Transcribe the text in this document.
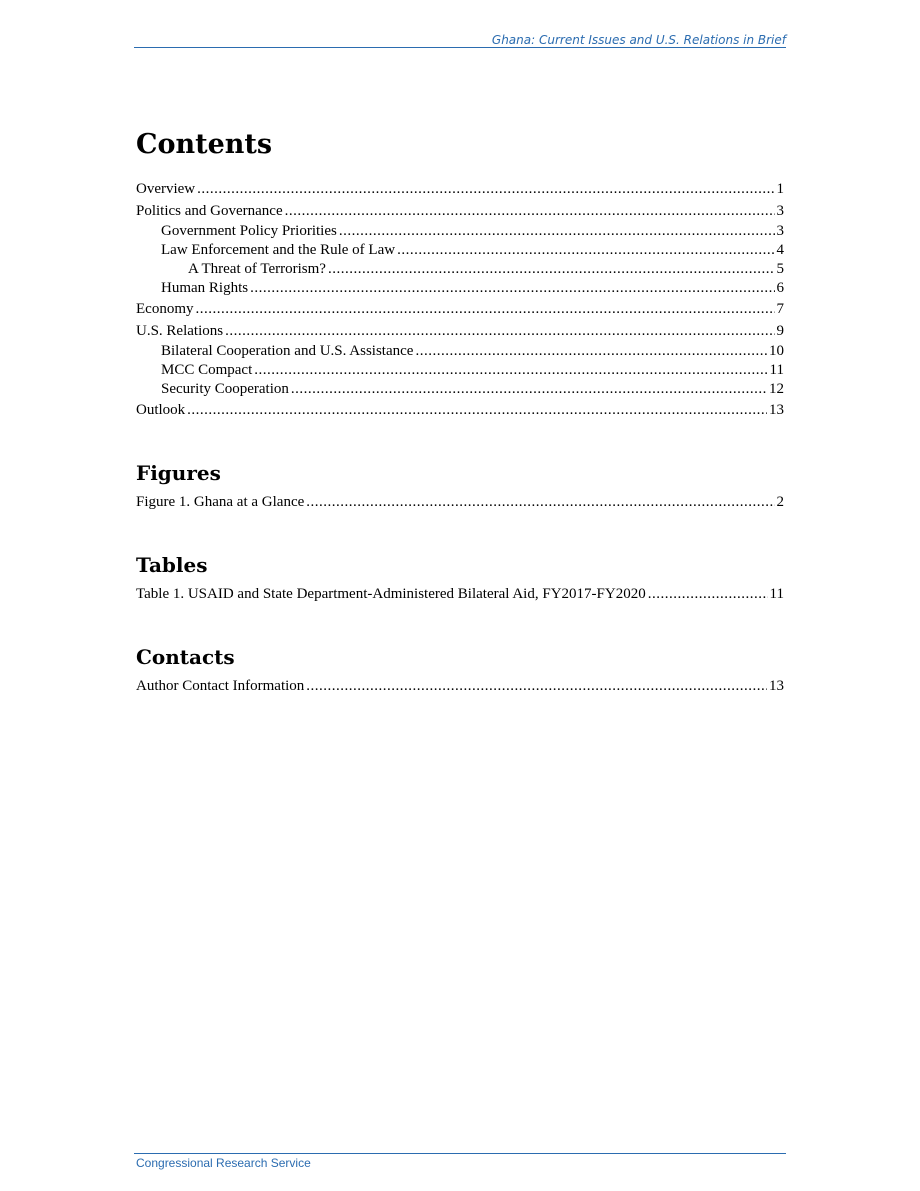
Ghana: Current Issues and U.S. Relations in Brief
Contents
Overview .....	1
Politics and Governance .....	3
Government Policy Priorities .....	3
Law Enforcement and the Rule of Law .....	4
A Threat of Terrorism? .....	5
Human Rights .....	6
Economy .....	7
U.S. Relations .....	9
Bilateral Cooperation and U.S. Assistance .....	10
MCC Compact .....	11
Security Cooperation .....	12
Outlook .....	13
Figures
Figure 1. Ghana at a Glance .....	2
Tables
Table 1. USAID and State Department-Administered Bilateral Aid, FY2017-FY2020 .....	11
Contacts
Author Contact Information .....	13
Congressional Research Service
